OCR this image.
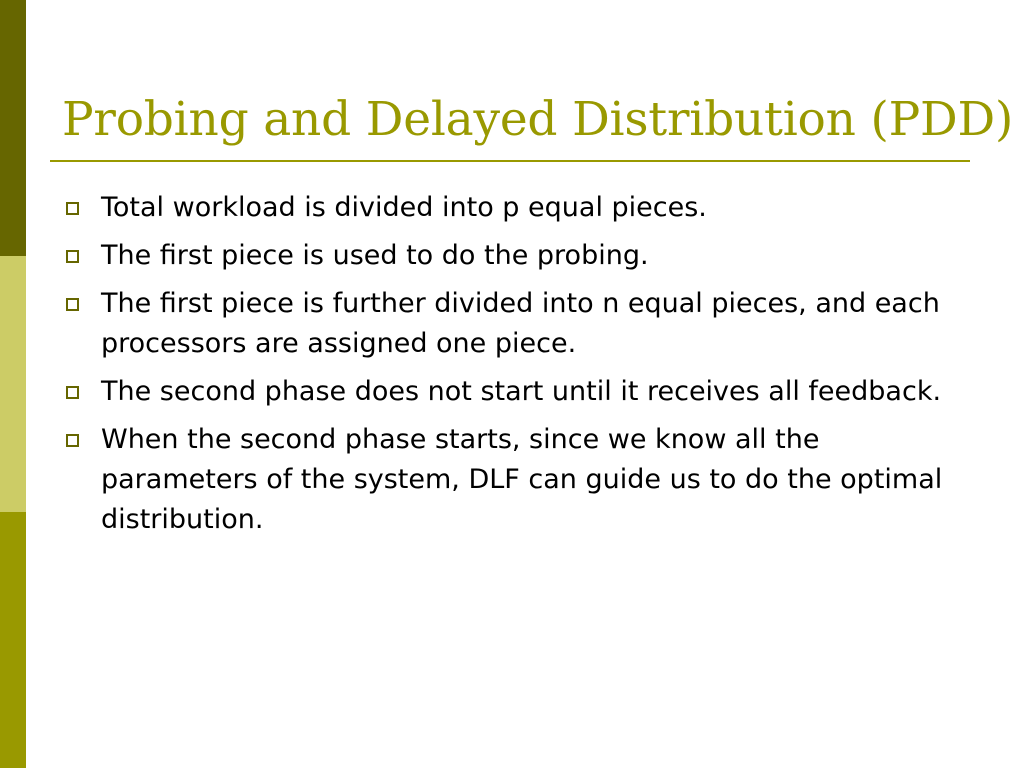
Probing and Delayed Distribution (PDD)
Total workload is divided into p equal pieces.
The first piece is used to do the probing.
The first piece is further divided into n equal pieces, and each processors are assigned one piece.
The second phase does not start until it receives all feedback.
When the second phase starts, since we know all the parameters of the system, DLF can guide us to do the optimal distribution.
